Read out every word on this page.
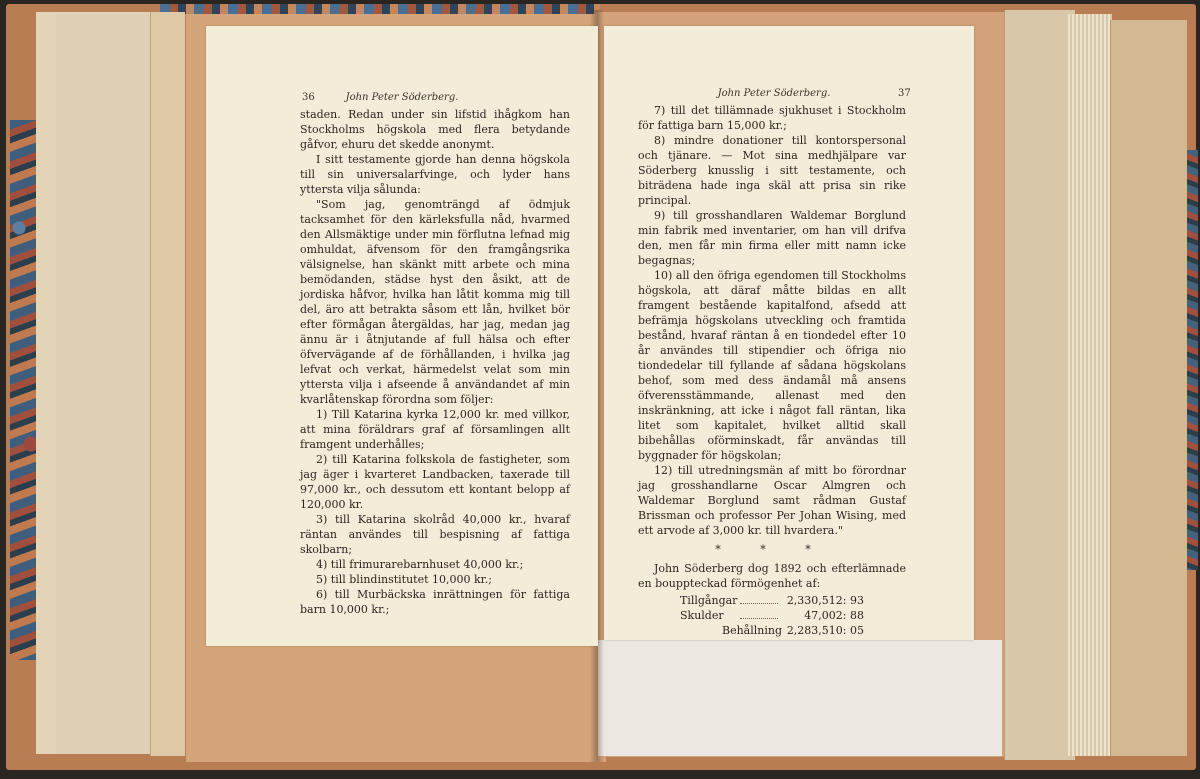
36	John Peter Söderberg.

staden. Redan under sin lifstid ihågkom han Stockholms högskola med flera betydande gåfvor, ehuru det skedde anonymt.

I sitt testamente gjorde han denna högskola till sin universalarfvinge, och lyder hans yttersta vilja sålunda:

"Som jag, genomträngd af ödmjuk tacksamhet för den kärleksfulla nåd, hvarmed den Allsmäktige under min förflutna lefnad mig omhuldat, äfvensom för den framgångsrika välsignelse, han skänkt mitt arbete och mina bemödanden, städse hyst den åsikt, att de jordiska håfvor, hvilka han låtit komma mig till del, äro att betrakta såsom ett lån, hvilket bör efter förmågan återgäldas, har jag, medan jag ännu är i åtnjutande af full hälsa och efter öfvervägande af de förhållanden, i hvilka jag lefvat och verkat, härmedelst velat som min yttersta vilja i afseende å användandet af min kvarlåtenskap förordna som följer:

1) Till Katarina kyrka 12,000 kr. med villkor, att mina föräldrars graf af församlingen allt framgent underhålles;

2) till Katarina folkskola de fastigheter, som jag äger i kvarteret Landbacken, taxerade till 97,000 kr., och dessutom ett kontant belopp af 120,000 kr.

3) till Katarina skolråd 40,000 kr., hvaraf räntan användes till bespisning af fattiga skolbarn;

4) till frimurarebarnhuset 40,000 kr.;

5) till blindinstitutet 10,000 kr.;

6) till Murbäckska inrättningen för fattiga barn 10,000 kr.;

John Peter Söderberg.	37

7) till det tillämnade sjukhuset i Stockholm för fattiga barn 15,000 kr.;

8) mindre donationer till kontorspersonal och tjänare. — Mot sina medhjälpare var Söderberg knusslig i sitt testamente, och biträdena hade inga skäl att prisa sin rike principal.

9) till grosshandlaren Waldemar Borglund min fabrik med inventarier, om han vill drifva den, men får min firma eller mitt namn icke begagnas;

10) all den öfriga egendomen till Stockholms högskola, att däraf måtte bildas en allt framgent bestående kapitalfond, afsedd att befrämja högskolans utveckling och framtida bestånd, hvaraf räntan å en tiondedel efter 10 år användes till stipendier och öfriga nio tiondedelar till fyllande af sådana högskolans behof, som med dess ändamål må ansens öfverensstämmande, allenast med den inskränkning, att icke i något fall räntan, lika litet som kapitalet, hvilket alltid skall bibehållas oförminskadt, får användas till byggnader för högskolan;

12) till utredningsmän af mitt bo förordnar jag grosshandlarne Oscar Almgren och Waldemar Borglund samt rådman Gustaf Brissman och professor Per Johan Wising, med ett arvode af 3,000 kr. till hvardera."

* * *

John Söderberg dog 1892 och efterlämnade en bouppteckad förmögenhet af:

Tillgångar	2,330,512: 93
Skulder	47,002: 88
Behållning 2,283,510: 05
